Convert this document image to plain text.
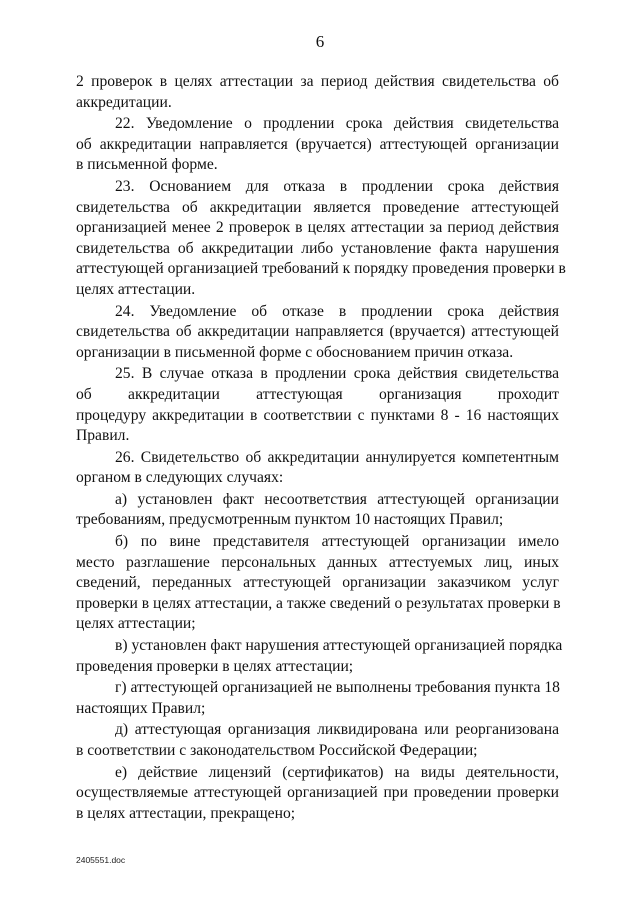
6
2 проверок в целях аттестации за период действия свидетельства об
аккредитации.
22. Уведомление о продлении срока действия свидетельства
об аккредитации направляется (вручается) аттестующей организации
в письменной форме.
23. Основанием для отказа в продлении срока действия
свидетельства об аккредитации является проведение аттестующей
организацией менее 2 проверок в целях аттестации за период действия
свидетельства об аккредитации либо установление факта нарушения
аттестующей организацией требований к порядку проведения проверки в
целях аттестации.
24. Уведомление об отказе в продлении срока действия
свидетельства об аккредитации направляется (вручается) аттестующей
организации в письменной форме с обоснованием причин отказа.
25. В случае отказа в продлении срока действия свидетельства
об аккредитации аттестующая организация проходит
процедуру аккредитации в соответствии с пунктами 8 - 16 настоящих
Правил.
26. Свидетельство об аккредитации аннулируется компетентным
органом в следующих случаях:
а) установлен факт несоответствия аттестующей организации
требованиям, предусмотренным пунктом 10 настоящих Правил;
б) по вине представителя аттестующей организации имело
место разглашение персональных данных аттестуемых лиц, иных
сведений, переданных аттестующей организации заказчиком услуг
проверки в целях аттестации, а также сведений о результатах проверки в
целях аттестации;
в) установлен факт нарушения аттестующей организацией порядка
проведения проверки в целях аттестации;
г) аттестующей организацией не выполнены требования пункта 18
настоящих Правил;
д) аттестующая организация ликвидирована или реорганизована
в соответствии с законодательством Российской Федерации;
е) действие лицензий (сертификатов) на виды деятельности,
осуществляемые аттестующей организацией при проведении проверки
в целях аттестации, прекращено;
2405551.doc
